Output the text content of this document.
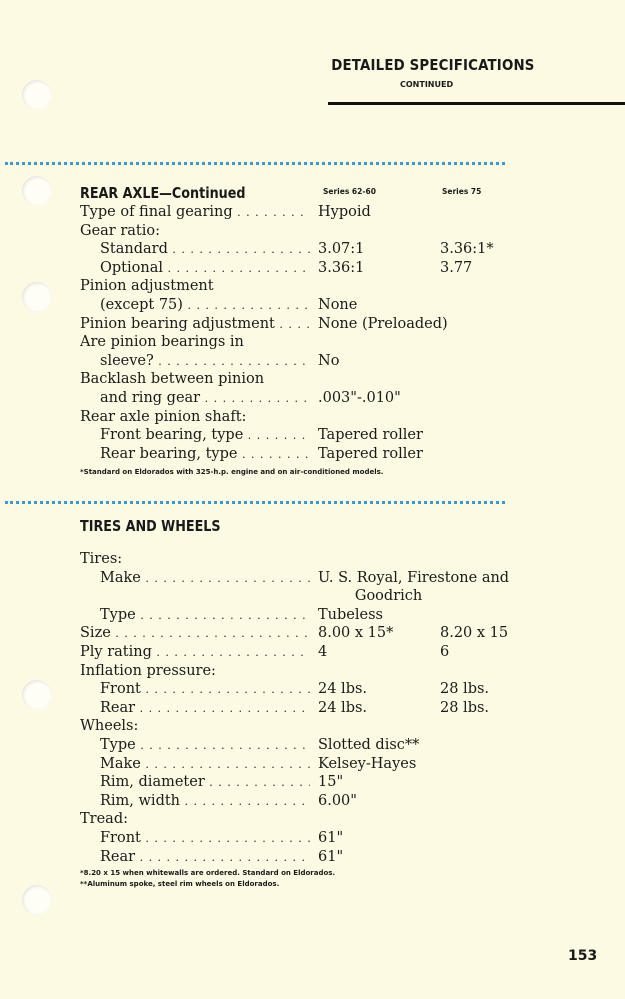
DETAILED SPECIFICATIONS
CONTINUED
REAR AXLE—Continued	Series 62-60	Series 75
Type of final gearing . . .	Hypoid
Gear ratio:
Standard . . .	3.07:1	3.36:1*
Optional . . .	3.36:1	3.77
Pinion adjustment
(except 75) . . .	None
Pinion bearing adjustment . . .	None (Preloaded)
Are pinion bearings in
sleeve? . . .	No
Backlash between pinion
and ring gear . . .	.003"-.010"
Rear axle pinion shaft:
Front bearing, type . . .	Tapered roller
Rear bearing, type . . .	Tapered roller
*Standard on Eldorados with 325-h.p. engine and on air-conditioned models.
TIRES AND WHEELS
Tires:
Make . . .	U. S. Royal, Firestone and
Goodrich
Type . . .	Tubeless
Size . . .	8.00 x 15*	8.20 x 15
Ply rating . . .	4	6
Inflation pressure:
Front . . .	24 lbs.	28 lbs.
Rear . . .	24 lbs.	28 lbs.
Wheels:
Type . . .	Slotted disc**
Make . . .	Kelsey-Hayes
Rim, diameter . . .	15"
Rim, width . . .	6.00"
Tread:
Front . . .	61"
Rear . . .	61"
*8.20 x 15 when whitewalls are ordered. Standard on Eldorados.
**Aluminum spoke, steel rim wheels on Eldorados.
153
